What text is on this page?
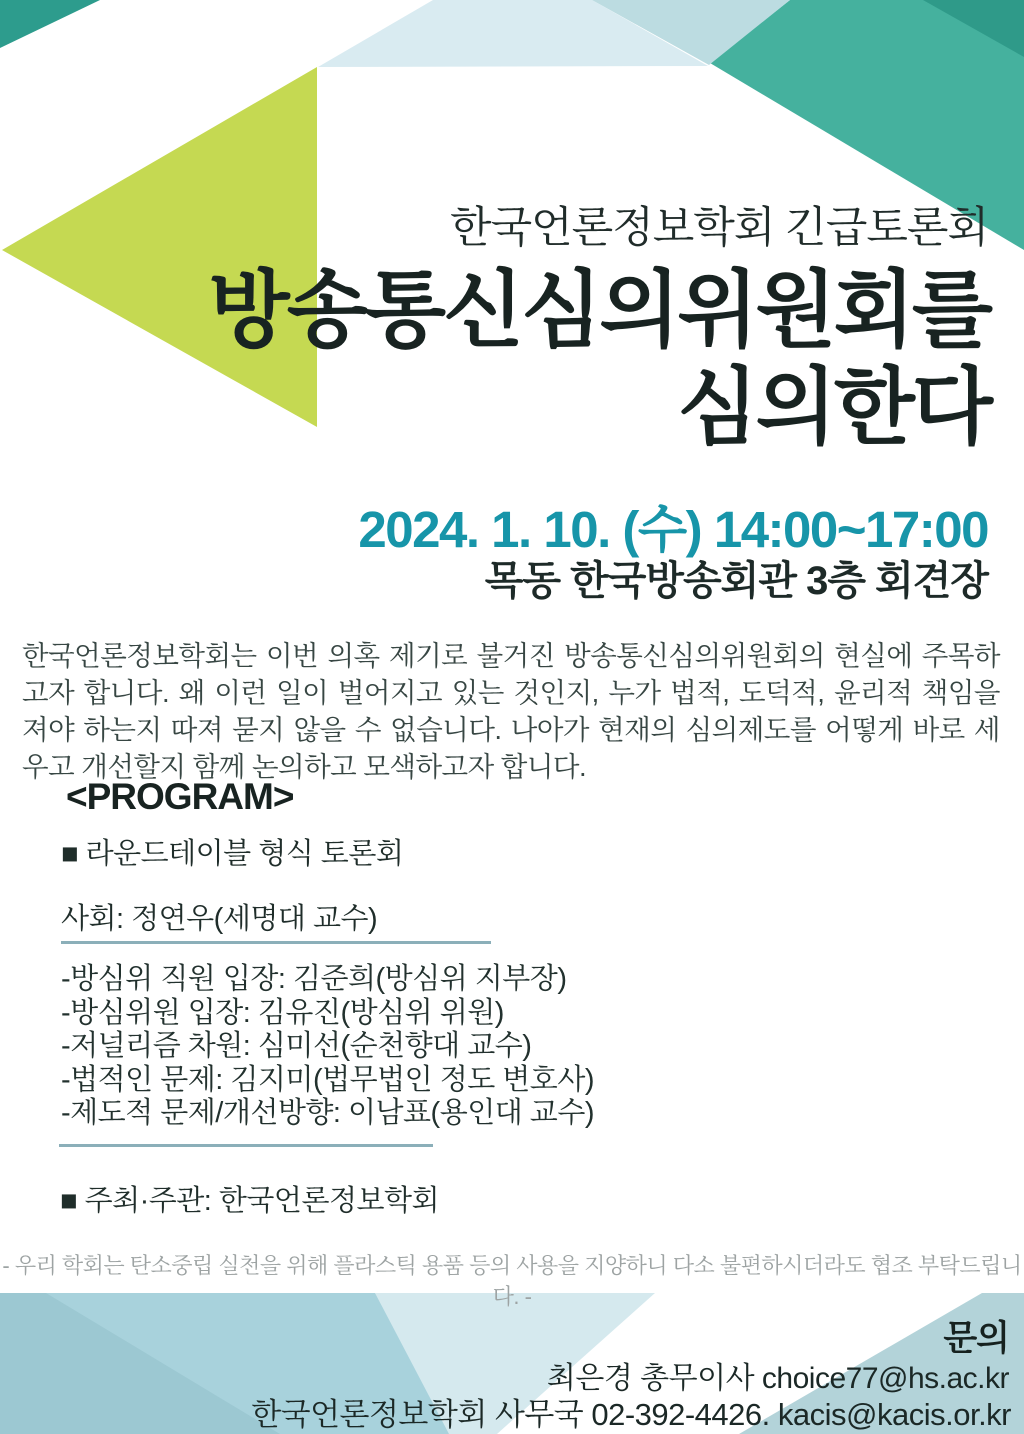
한국언론정보학회 긴급토론회
방송통신심의위원회를
심의한다
2024. 1. 10. (수) 14:00~17:00
목동 한국방송회관 3층 회견장

한국언론정보학회는 이번 의혹 제기로 불거진 방송통신심의위원회의 현실에 주목하고자 합니다. 왜 이런 일이 벌어지고 있는 것인지, 누가 법적, 도덕적, 윤리적 책임을 져야 하는지 따져 묻지 않을 수 없습니다. 나아가 현재의 심의제도를 어떻게 바로 세우고 개선할지 함께 논의하고 모색하고자 합니다.

<PROGRAM>
■ 라운드테이블 형식 토론회
사회: 정연우(세명대 교수)
-방심위 직원 입장: 김준희(방심위 지부장)
-방심위원 입장: 김유진(방심위 위원)
-저널리즘 차원: 심미선(순천향대 교수)
-법적인 문제: 김지미(법무법인 정도 변호사)
-제도적 문제/개선방향: 이남표(용인대 교수)
■ 주최·주관: 한국언론정보학회
- 우리 학회는 탄소중립 실천을 위해 플라스틱 용품 등의 사용을 지양하니 다소 불편하시더라도 협조 부탁드립니다. -
문의
최은경 총무이사 choice77@hs.ac.kr
한국언론정보학회 사무국 02-392-4426. kacis@kacis.or.kr
